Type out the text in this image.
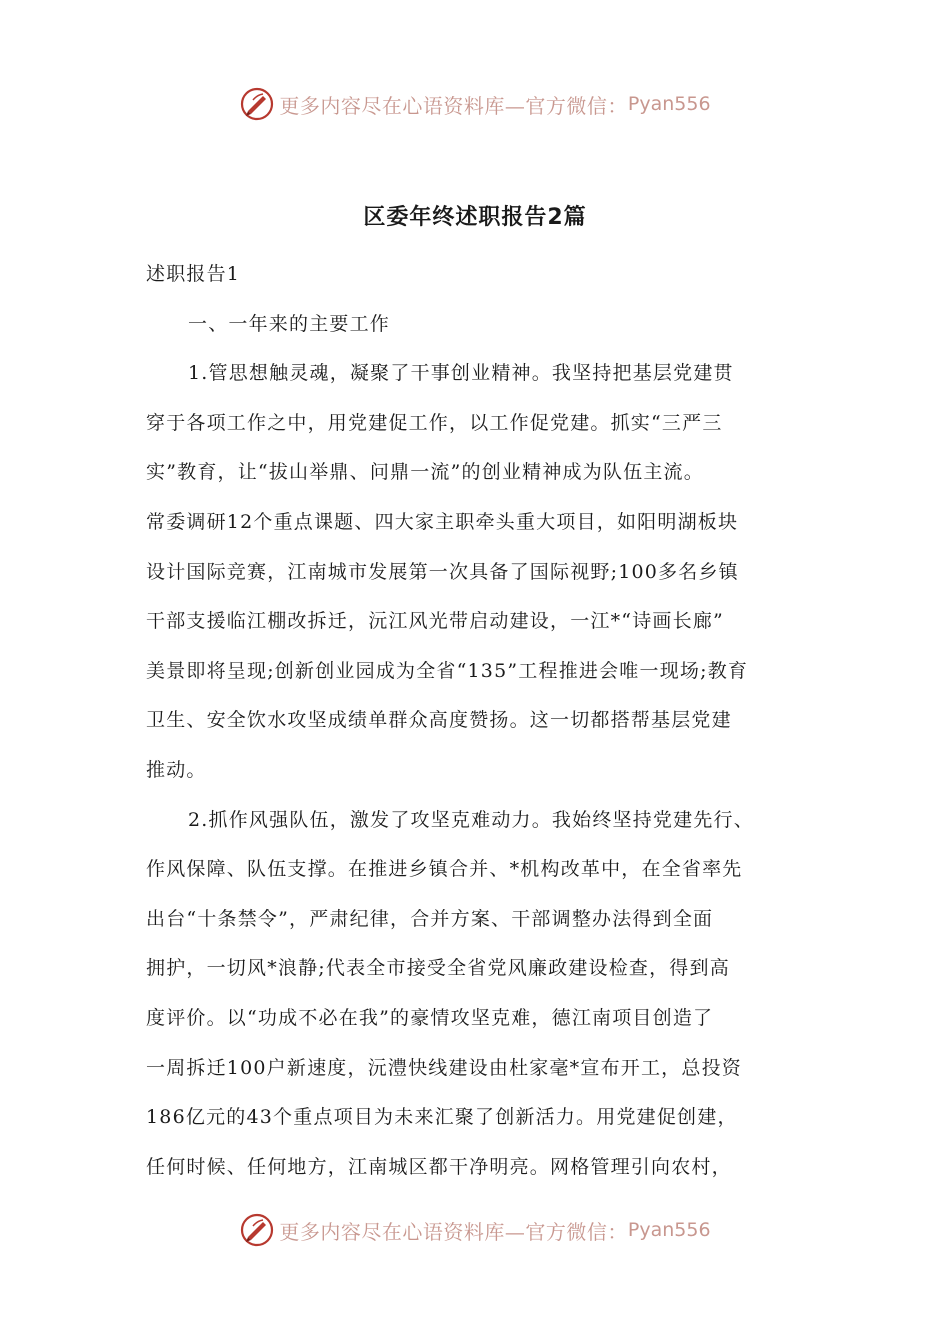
更多内容尽在心语资料库—官方微信： Pyan556
区委年终述职报告2篇

述职报告1

一、一年来的主要工作

1.管思想触灵魂，凝聚了干事创业精神。我坚持把基层党建贯

穿于各项工作之中，用党建促工作，以工作促党建。抓实“三严三

实”教育，让“拔山举鼎、问鼎一流”的创业精神成为队伍主流。

常委调研12个重点课题、四大家主职牵头重大项目，如阳明湖板块

设计国际竞赛，江南城市发展第一次具备了国际视野;100多名乡镇

干部支援临江棚改拆迁，沅江风光带启动建设，一江*“诗画长廊”

美景即将呈现;创新创业园成为全省“135”工程推进会唯一现场;教育

卫生、安全饮水攻坚成绩单群众高度赞扬。这一切都搭帮基层党建

推动。

2.抓作风强队伍，激发了攻坚克难动力。我始终坚持党建先行、

作风保障、队伍支撑。在推进乡镇合并、*机构改革中，在全省率先

出台“十条禁令”，严肃纪律，合并方案、干部调整办法得到全面

拥护，一切风*浪静;代表全市接受全省党风廉政建设检查，得到高

度评价。以“功成不必在我”的豪情攻坚克难，德江南项目创造了

一周拆迁100户新速度，沅澧快线建设由杜家毫*宣布开工，总投资

186亿元的43个重点项目为未来汇聚了创新活力。用党建促创建，

任何时候、任何地方，江南城区都干净明亮。网格管理引向农村，

更多内容尽在心语资料库—官方微信： Pyan556
